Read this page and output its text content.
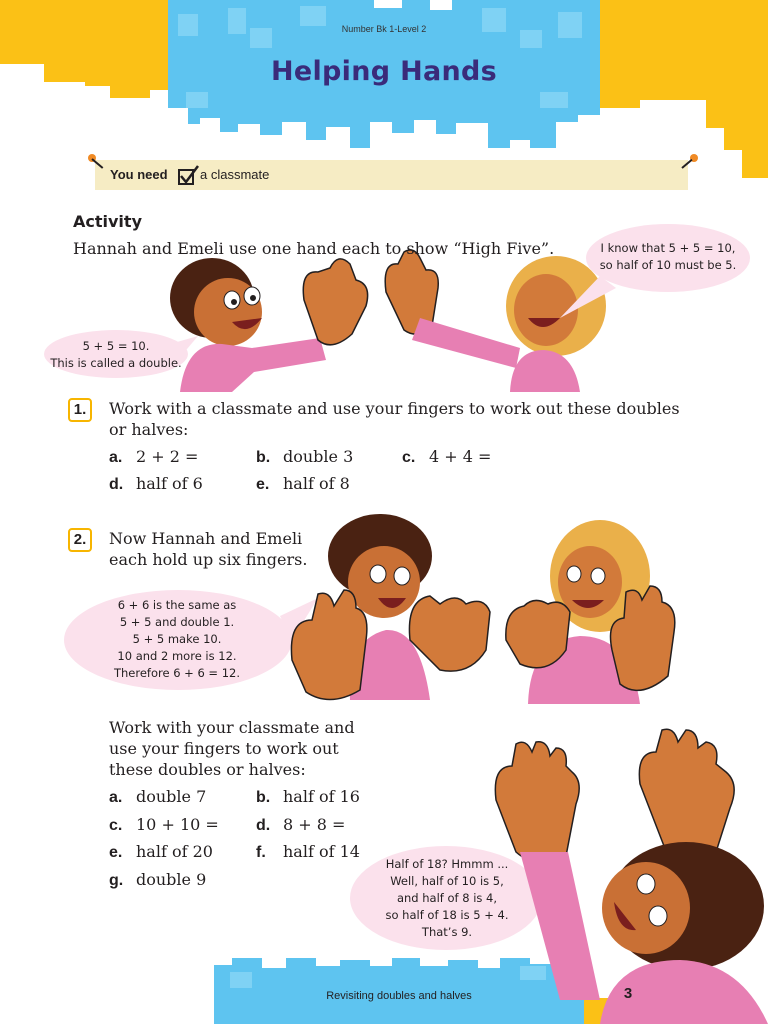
Number Bk 1-Level 2
Helping Hands
You need a classmate
Activity
Hannah and Emeli use one hand each to show “High Five”.
5 + 5 = 10.
This is called a double.
I know that 5 + 5 = 10,
so half of 10 must be 5.
6 + 6 is the same as
5 + 5 and double 1.
5 + 5 make 10.
10 and 2 more is 12.
Therefore 6 + 6 = 12.
Half of 18? Hmmm ...
Well, half of 10 is 5,
and half of 8 is 4,
so half of 18 is 5 + 4.
That’s 9.
1.	Work with a classmate and use your fingers to work out these doubles
or halves:
a. 2 + 2 =	b. double 3	c. 4 + 4 =
d. half of 6	e. half of 8
2.	Now Hannah and Emeli
each hold up six fingers.
Work with your classmate and
use your fingers to work out
these doubles or halves:
a. double 7	b. half of 16
c. 10 + 10 = d. 8 + 8 =
e. half of 20	f. half of 14
g. double 9
Revisiting doubles and halves	3
